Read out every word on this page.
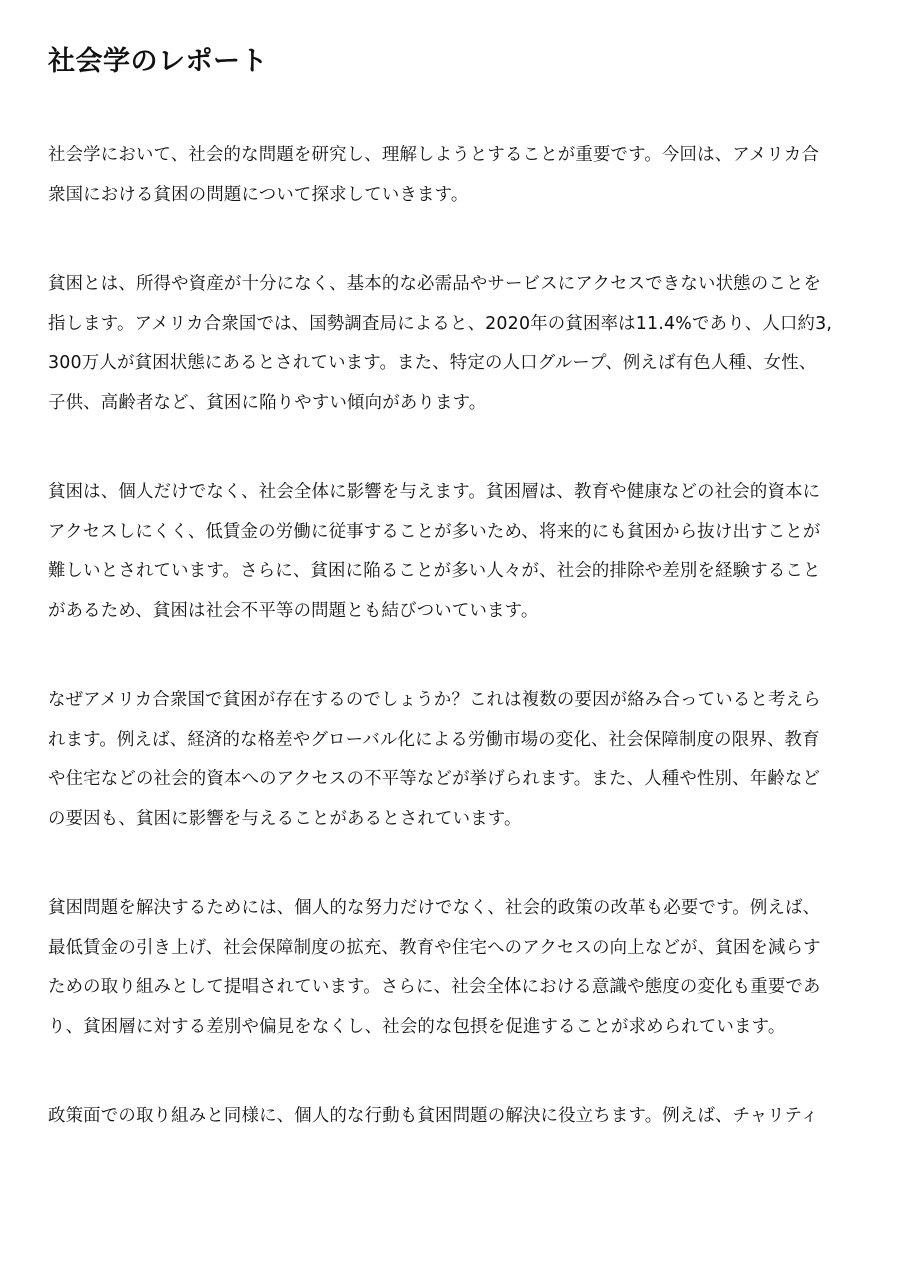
社会学のレポート

社会学において、社会的な問題を研究し、理解しようとすることが重要です。今回は、アメリカ合
衆国における貧困の問題について探求していきます。

貧困とは、所得や資産が十分になく、基本的な必需品やサービスにアクセスできない状態のことを
指します。アメリカ合衆国では、国勢調査局によると、2020年の貧困率は11.4%であり、人口約3,
300万人が貧困状態にあるとされています。また、特定の人口グループ、例えば有色人種、女性、
子供、高齢者など、貧困に陥りやすい傾向があります。

貧困は、個人だけでなく、社会全体に影響を与えます。貧困層は、教育や健康などの社会的資本に
アクセスしにくく、低賃金の労働に従事することが多いため、将来的にも貧困から抜け出すことが
難しいとされています。さらに、貧困に陥ることが多い人々が、社会的排除や差別を経験すること
があるため、貧困は社会不平等の問題とも結びついています。

なぜアメリカ合衆国で貧困が存在するのでしょうか？これは複数の要因が絡み合っていると考えら
れます。例えば、経済的な格差やグローバル化による労働市場の変化、社会保障制度の限界、教育
や住宅などの社会的資本へのアクセスの不平等などが挙げられます。また、人種や性別、年齢など
の要因も、貧困に影響を与えることがあるとされています。

貧困問題を解決するためには、個人的な努力だけでなく、社会的政策の改革も必要です。例えば、
最低賃金の引き上げ、社会保障制度の拡充、教育や住宅へのアクセスの向上などが、貧困を減らす
ための取り組みとして提唱されています。さらに、社会全体における意識や態度の変化も重要であ
り、貧困層に対する差別や偏見をなくし、社会的な包摂を促進することが求められています。

政策面での取り組みと同様に、個人的な行動も貧困問題の解決に役立ちます。例えば、チャリティ
